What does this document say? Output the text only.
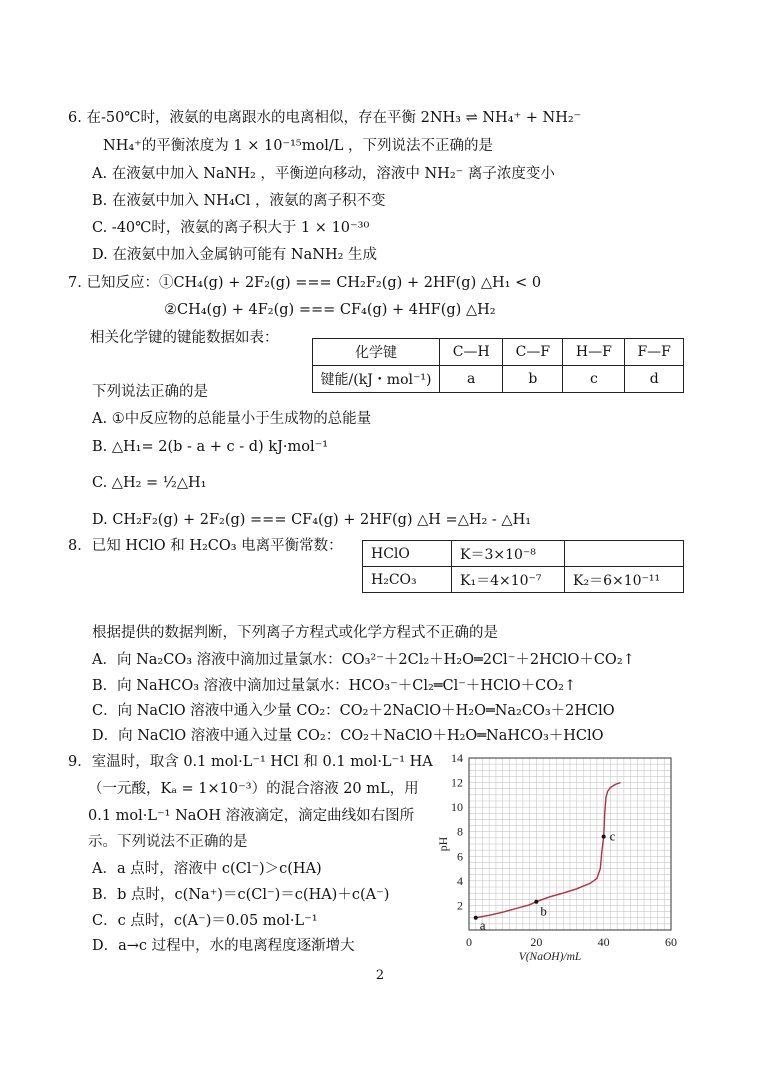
6. 在-50℃时，液氨的电离跟水的电离相似，存在平衡 2NH₃ ⇌ NH₄⁺ + NH₂⁻
NH₄⁺的平衡浓度为 1 × 10⁻¹⁵mol/L ，下列说法不正确的是
A. 在液氨中加入 NaNH₂ ，平衡逆向移动，溶液中 NH₂⁻ 离子浓度变小
B. 在液氨中加入 NH₄Cl ，液氨的离子积不变
C. -40℃时，液氨的离子积大于 1 × 10⁻³⁰
D. 在液氨中加入金属钠可能有 NaNH₂ 生成
7. 已知反应：①CH₄(g) + 2F₂(g) === CH₂F₂(g) + 2HF(g) △H₁ < 0
②CH₄(g) + 4F₂(g) === CF₄(g) + 4HF(g) △H₂
相关化学键的键能数据如表：
化学键	C—H	C—F	H—F	F—F
键能/(kJ・mol⁻¹)	a	b	c	d
下列说法正确的是
A. ①中反应物的总能量小于生成物的总能量
B. △H₁= 2(b - a + c - d) kJ·mol⁻¹
C. △H₂ = ½△H₁
D. CH₂F₂(g) + 2F₂(g) === CF₄(g) + 2HF(g) △H =△H₂ - △H₁
8．已知 HClO 和 H₂CO₃ 电离平衡常数： HClO	K＝3×10⁻⁸	
H₂CO₃	K₁＝4×10⁻⁷	K₂＝6×10⁻¹¹
根据提供的数据判断，下列离子方程式或化学方程式不正确的是
A．向 Na₂CO₃ 溶液中滴加过量氯水：CO₃²⁻＋2Cl₂＋H₂O═2Cl⁻＋2HClO＋CO₂↑
B．向 NaHCO₃ 溶液中滴加过量氯水：HCO₃⁻＋Cl₂═Cl⁻＋HClO＋CO₂↑
C．向 NaClO 溶液中通入少量 CO₂：CO₂＋2NaClO＋H₂O═Na₂CO₃＋2HClO
D．向 NaClO 溶液中通入过量 CO₂：CO₂＋NaClO＋H₂O═NaHCO₃＋HClO
9．室温时，取含 0.1 mol·L⁻¹ HCl 和 0.1 mol·L⁻¹ HA
（一元酸，Kₐ = 1×10⁻³）的混合溶液 20 mL，用
0.1 mol·L⁻¹ NaOH 溶液滴定，滴定曲线如右图所
示。下列说法不正确的是
A．a 点时，溶液中 c(Cl⁻)＞c(HA)
B．b 点时，c(Na⁺)＝c(Cl⁻)＝c(HA)＋c(A⁻)
C．c 点时，c(A⁻)＝0.05 mol·L⁻¹
D．a→c 过程中，水的电离程度逐渐增大	0	20	40	60
2
4
6
8
10
12
14
V(NaOH)/mL
pH
a
b
c
2
